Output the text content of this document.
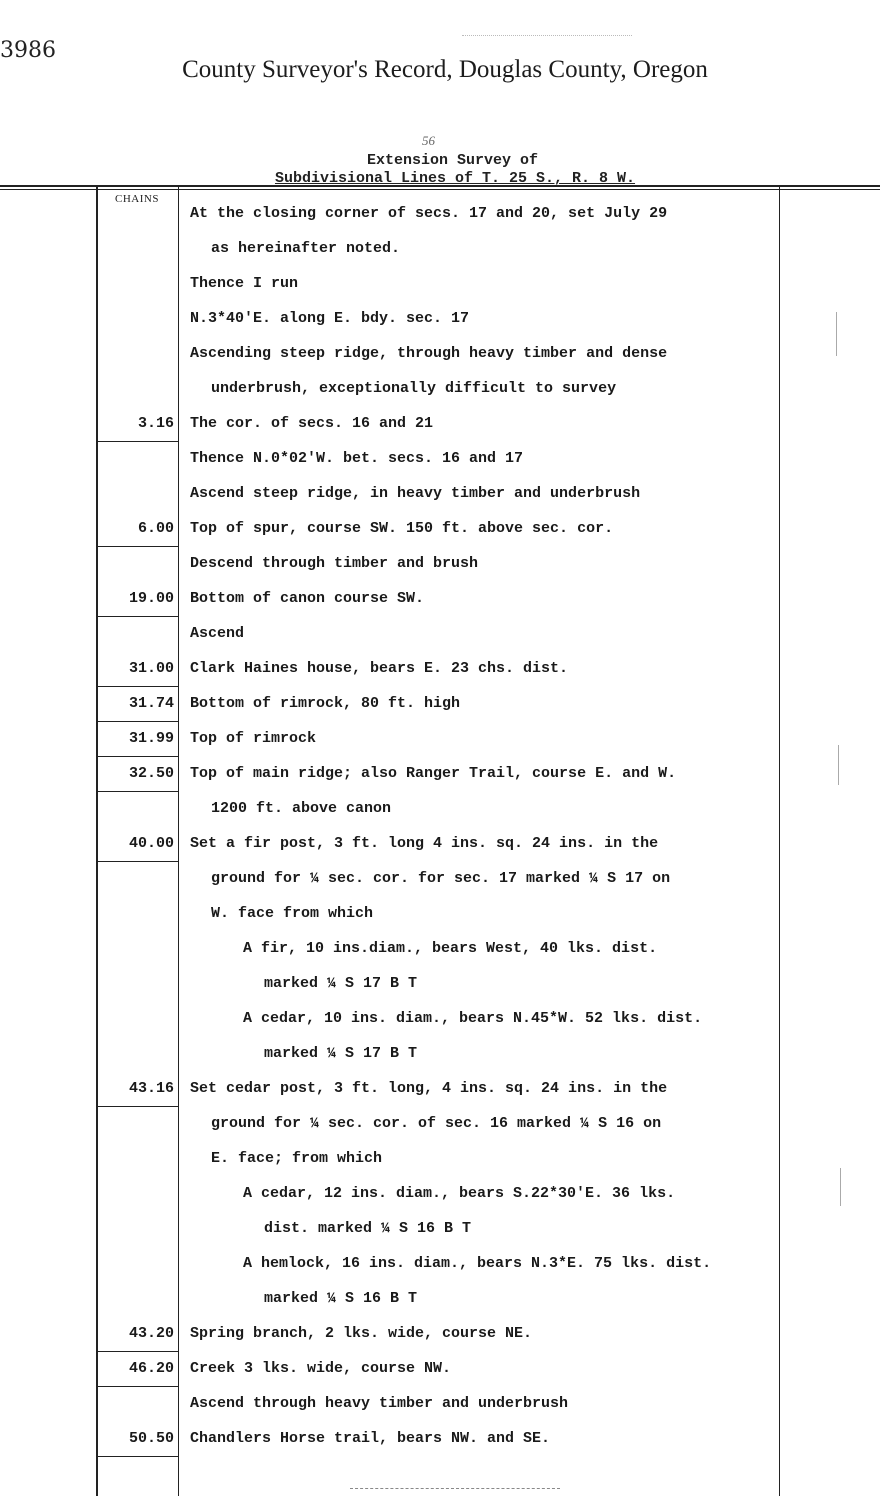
3986
County Surveyor's Record, Douglas County, Oregon
56
Extension Survey of
Subdivisional Lines of T. 25 S., R. 8 W.
CHAINS
At the closing corner of secs. 17 and 20, set July 29
as hereinafter noted.
Thence I run
N.3*40'E. along E. bdy. sec. 17
Ascending steep ridge, through heavy timber and dense
underbrush, exceptionally difficult to survey
3.16 The cor. of secs. 16 and 21
Thence N.0*02'W. bet. secs. 16 and 17
Ascend steep ridge, in heavy timber and underbrush
6.00 Top of spur, course SW. 150 ft. above sec. cor.
Descend through timber and brush
19.00 Bottom of canon course SW.
Ascend
31.00 Clark Haines house, bears E. 23 chs. dist.
31.74 Bottom of rimrock, 80 ft. high
31.99 Top of rimrock
32.50 Top of main ridge; also Ranger Trail, course E. and W.
1200 ft. above canon
40.00 Set a fir post, 3 ft. long 4 ins. sq. 24 ins. in the
ground for ¼ sec. cor. for sec. 17 marked ¼ S 17 on
W. face from which
A fir, 10 ins.diam., bears West, 40 lks. dist.
marked ¼ S 17 B T
A cedar, 10 ins. diam., bears N.45*W. 52 lks. dist.
marked ¼ S 17 B T
43.16 Set cedar post, 3 ft. long, 4 ins. sq. 24 ins. in the
ground for ¼ sec. cor. of sec. 16 marked ¼ S 16 on
E. face; from which
A cedar, 12 ins. diam., bears S.22*30'E. 36 lks.
dist. marked ¼ S 16 B T
A hemlock, 16 ins. diam., bears N.3*E. 75 lks. dist.
marked ¼ S 16 B T
43.20 Spring branch, 2 lks. wide, course NE.
46.20 Creek 3 lks. wide, course NW.
Ascend through heavy timber and underbrush
50.50 Chandlers Horse trail, bears NW. and SE.
